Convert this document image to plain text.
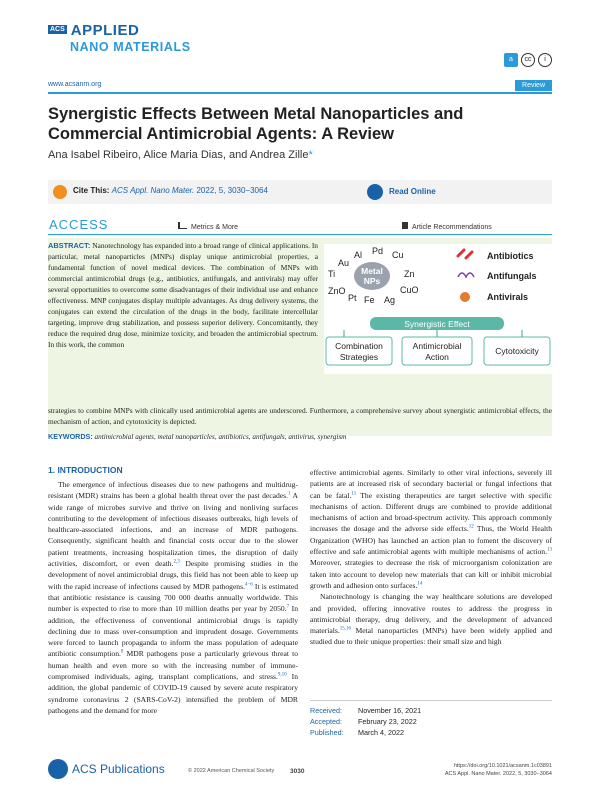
ACS APPLIED
NANO MATERIALS
a	cc	i
www.acsanm.org	Review
Synergistic Effects Between Metal Nanoparticles and Commercial Antimicrobial Agents: A Review
Ana Isabel Ribeiro, Alice Maria Dias, and Andrea Zille*
Cite This: ACS Appl. Nano Mater. 2022, 5, 3030−3064	Read Online
ACCESS	Metrics & More	Article Recommendations
ABSTRACT: Nanotechnology has expanded into a broad range of clinical applications. In particular, metal nanoparticles (MNPs) display unique antimicrobial properties, a fundamental function of novel medical devices. The combination of MNPs with commercial antimicrobial drugs (e.g., antibiotics, antifungals, and antivirals) may offer several opportunities to overcome some disadvantages of their individual use and enhance effectiveness. MNP conjugates display multiple advantages. As drug delivery systems, the conjugates can extend the circulation of the drugs in the body, facilitate intercellular targeting, improve drug stabilization, and possess superior delivery. Concomitantly, they reduce the required drug dose, minimize toxicity, and broaden the antimicrobial spectrum. In this work, the common
strategies to combine MNPs with clinically used antimicrobial agents are underscored. Furthermore, a comprehensive survey about synergistic antimicrobial effects, the mechanism of action, and cytotoxicity is depicted.
Au
Al Pd Cu
Ti	Zn
ZnO
Pt Fe Ag
CuO
Metal
NPs
Antibiotics
Antifungals
Antivirals
Synergistic Effect
Combination
Strategies
Antimicrobial
Action
Cytotoxicity
KEYWORDS: antimicrobial agents, metal nanoparticles, antibiotics, antifungals, antivirus, synergism
1. INTRODUCTION

The emergence of infectious diseases due to new pathogens and multidrug-resistant (MDR) strains has been a global health threat over the past decades.$^1$ A wide range of microbes survive and thrive on living and nonliving surfaces contributing to the development of infectious diseases outbreaks, high levels of healthcare-associated infections, and an increase of MDR pathogens. Consequently, significant health and financial costs occur due to the slower patient treatments, increasing hospitalization times, the disruption of daily activities, discomfort, or even death.$^{2,3}$ Despite promising studies in the development of novel antimicrobial drugs, this field has not been able to keep up with the rapid increase of infections caused by MDR pathogens.$^{4-6}$ It is estimated that antibiotic resistance is causing 700 000 deaths annually worldwide. This number is expected to rise to more than 10 million deaths per year by 2050.$^7$ In addition, the effectiveness of conventional antimicrobial drugs is rapidly declining due to mass over-consumption and imprudent dosage. Governments were forced to launch propaganda to inform the mass population of adequate antibiotic consumption.$^8$ MDR pathogens pose a particularly grievous threat to human health and even more so with the increasing number of immune-compromised individuals, aging, transplant complications, and stress.$^{9,10}$ In addition, the global pandemic of COVID-19 caused by severe acute respiratory syndrome coronavirus 2 (SARS-CoV-2) intensified the problem of MDR pathogens and the demand for more

effective antimicrobial agents. Similarly to other viral infections, severely ill patients are at increased risk of secondary bacterial or fungal infections that can be fatal.$^{11}$ The existing therapeutics are target selective with specific mechanisms of action. Different drugs are combined to provide additional mechanisms of action and broad-spectrum activity. This approach commonly increases the dosage and the adverse side effects.$^{12}$ Thus, the World Health Organization (WHO) has launched an action plan to foment the discovery of effective and safe antimicrobial agents with multiple mechanisms of action.$^{13}$ Moreover, strategies to decrease the risk of microorganism colonization are taken into account to develop new materials that can kill or inhibit microbial growth and adhesion onto surfaces.$^{14}$

Nanotechnology is changing the way healthcare solutions are developed and provided, offering innovative routes to address the progress in antimicrobial therapy, drug delivery, and the development of advanced materials.$^{15,16}$ Metal nanoparticles (MNPs) have been widely applied and studied due to their unique properties: their small size and high

Received: November 16, 2021
Accepted: February 23, 2022
Published: March 4, 2022
ACS Publications	© 2022 American Chemical Society 3030
https://doi.org/10.1021/acsanm.1c03891
ACS Appl. Nano Mater. 2022, 5, 3030−3064
